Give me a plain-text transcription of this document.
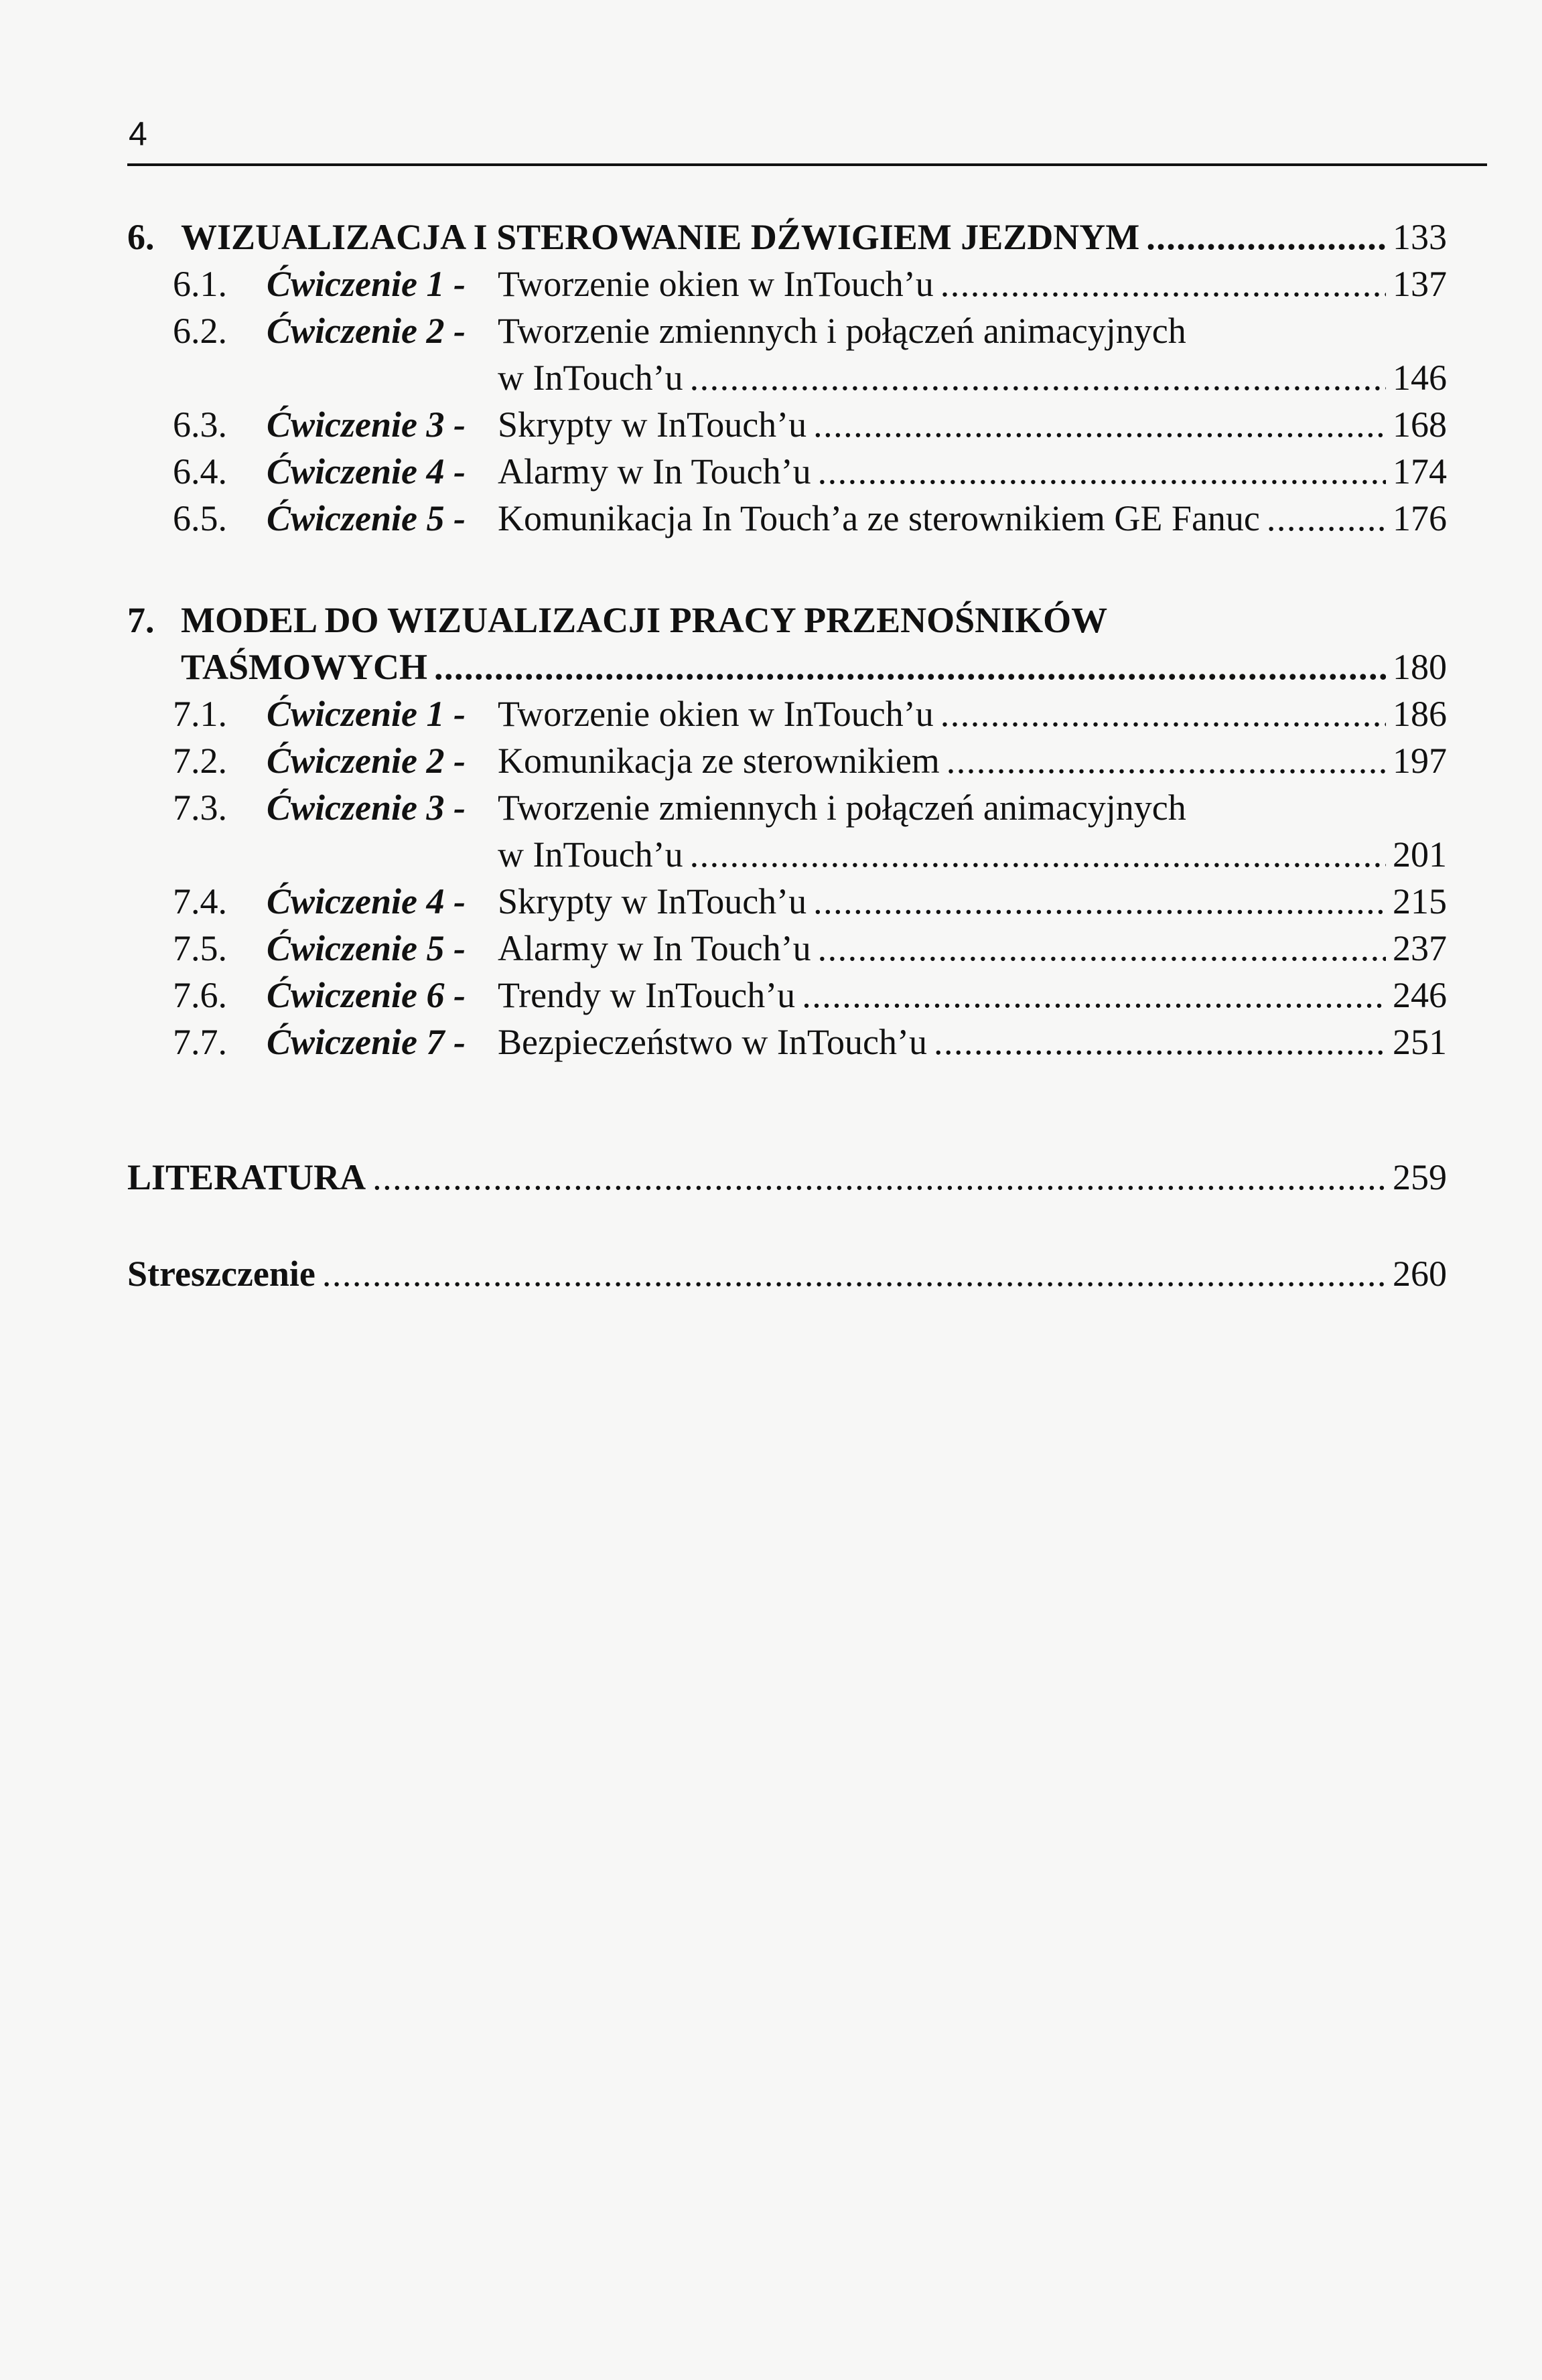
4
6. WIZUALIZACJA I STEROWANIE DŹWIGIEM JEZDNYM . . .	133
6.1. Ćwiczenie 1 - Tworzenie okien w InTouch’u . . .	137
6.2. Ćwiczenie 2 - Tworzenie zmiennych i połączeń animacyjnych
w InTouch’u . . .	146
6.3. Ćwiczenie 3 - Skrypty w InTouch’u . . .	168
6.4. Ćwiczenie 4 - Alarmy w In Touch’u . . .	174
6.5. Ćwiczenie 5 - Komunikacja In Touch’a ze sterownikiem GE Fanuc . . .	176
7. MODEL DO WIZUALIZACJI PRACY PRZENOŚNIKÓW
TAŚMOWYCH . . .	180
7.1. Ćwiczenie 1 - Tworzenie okien w InTouch’u . . .	186
7.2. Ćwiczenie 2 - Komunikacja ze sterownikiem . . .	197
7.3. Ćwiczenie 3 - Tworzenie zmiennych i połączeń animacyjnych
w InTouch’u . . .	201
7.4. Ćwiczenie 4 - Skrypty w InTouch’u . . .	215
7.5. Ćwiczenie 5 - Alarmy w In Touch’u . . .	237
7.6. Ćwiczenie 6 - Trendy w InTouch’u . . .	246
7.7. Ćwiczenie 7 - Bezpieczeństwo w InTouch’u . . .	251
LITERATURA . . .	259
Streszczenie . . .	260
